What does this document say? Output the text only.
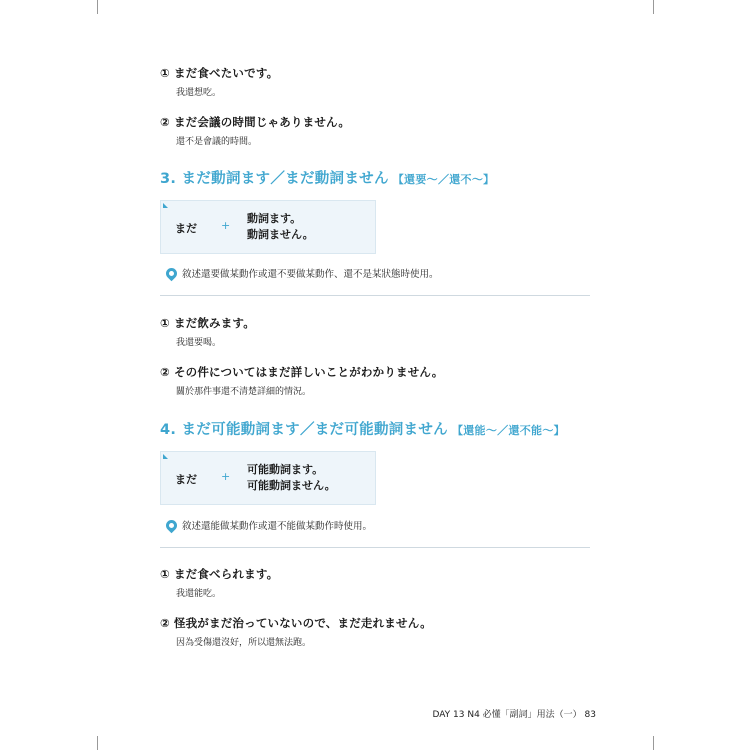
① まだ食べたいです。
我還想吃。
② まだ会議の時間じゃありません。
還不是會議的時間。
3. まだ動詞ます／まだ動詞ません 【還要～／還不～】
まだ +
動詞ます。
動詞ません。
敘述還要做某動作或還不要做某動作、還不是某狀態時使用。
① まだ飲みます。
我還要喝。
② その件についてはまだ詳しいことがわかりません。
關於那件事還不清楚詳細的情況。
4. まだ可能動詞ます／まだ可能動詞ません 【還能～／還不能～】
まだ +
可能動詞ます。
可能動詞ません。
敘述還能做某動作或還不能做某動作時使用。
① まだ食べられます。
我還能吃。
② 怪我がまだ治っていないので、まだ走れません。
因為受傷還沒好，所以還無法跑。
DAY 13 N4 必懂「副詞」用法（一） 83
